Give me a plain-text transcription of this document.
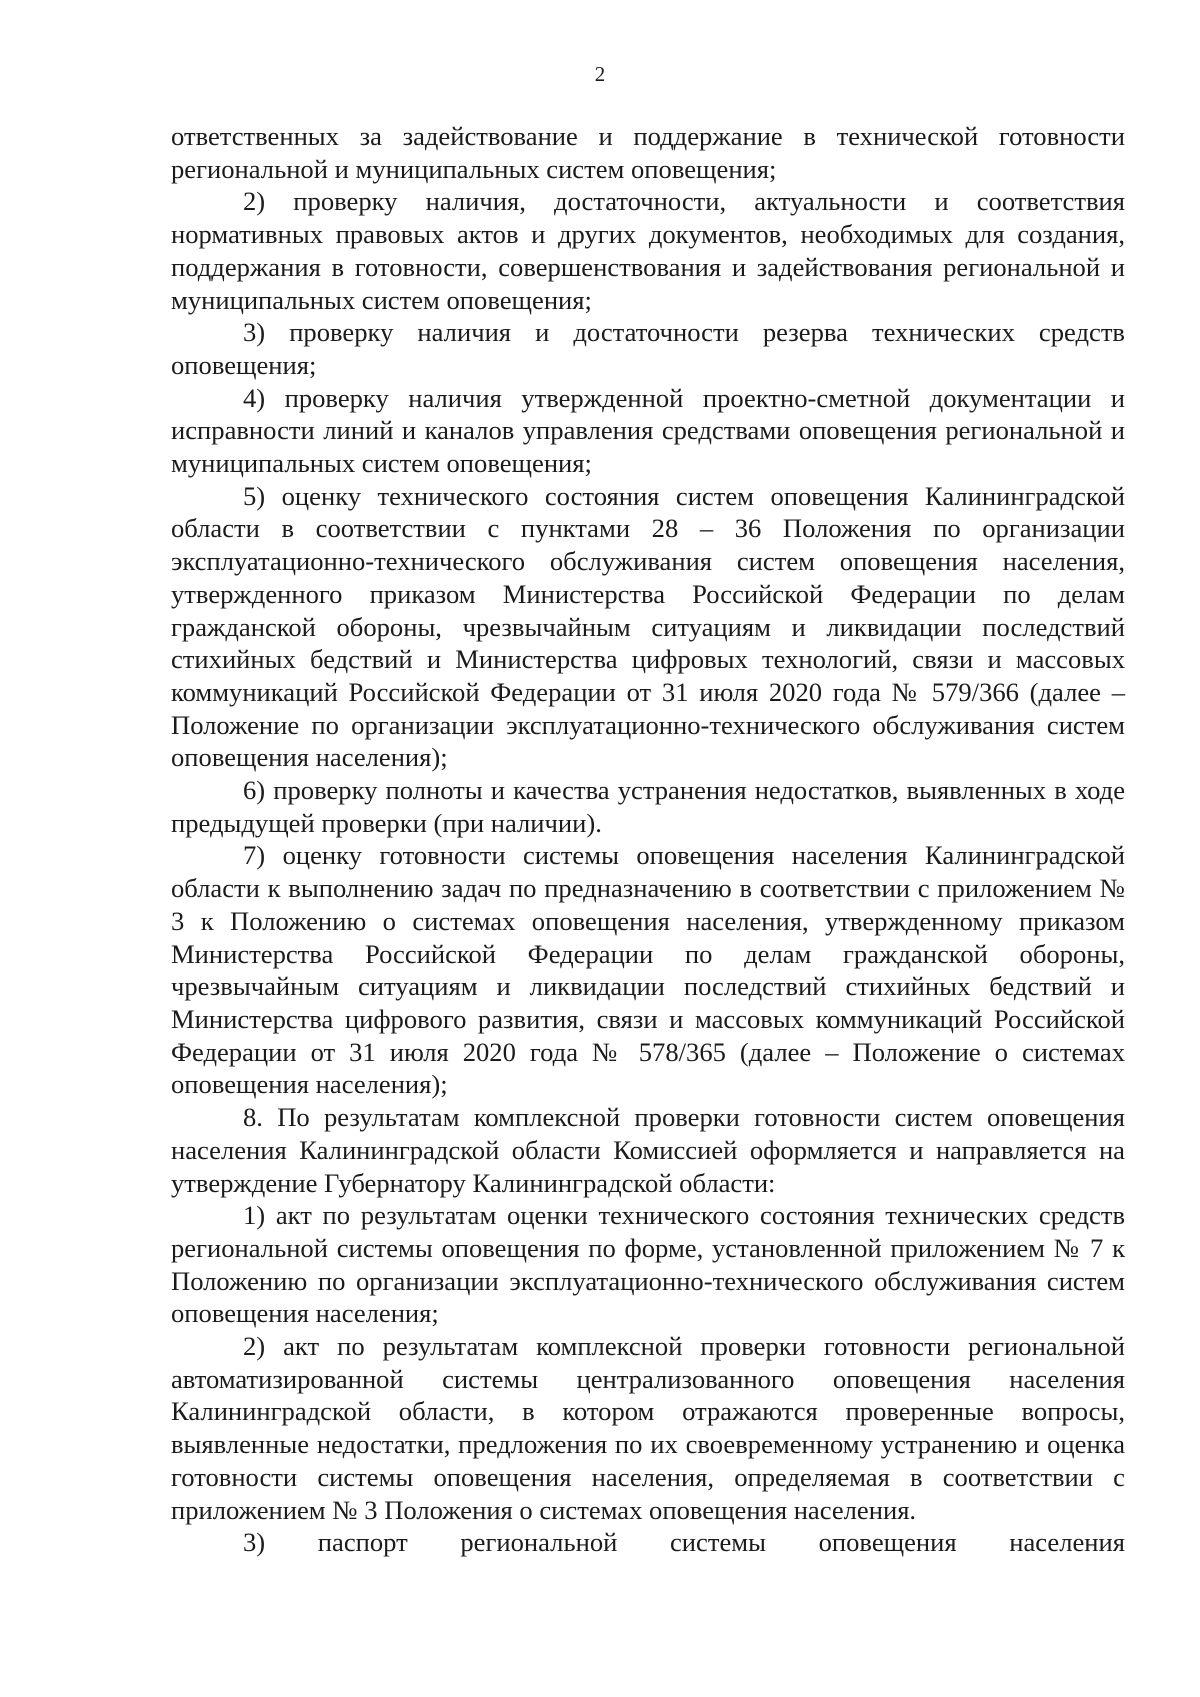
2

ответственных за задействование и поддержание в технической готовности региональной и муниципальных систем оповещения;

2) проверку наличия, достаточности, актуальности и соответствия нормативных правовых актов и других документов, необходимых для создания, поддержания в готовности, совершенствования и задействования региональной и муниципальных систем оповещения;

3) проверку наличия и достаточности резерва технических средств оповещения;

4) проверку наличия утвержденной проектно-сметной документации и исправности линий и каналов управления средствами оповещения региональной и муниципальных систем оповещения;

5) оценку технического состояния систем оповещения Калининградской области в соответствии с пунктами 28 – 36 Положения по организации эксплуатационно-технического обслуживания систем оповещения населения, утвержденного приказом Министерства Российской Федерации по делам гражданской обороны, чрезвычайным ситуациям и ликвидации последствий стихийных бедствий и Министерства цифровых технологий, связи и массовых коммуникаций Российской Федерации от 31 июля 2020 года № 579/366 (далее – Положение по организации эксплуатационно-технического обслуживания систем оповещения населения);

6) проверку полноты и качества устранения недостатков, выявленных в ходе предыдущей проверки (при наличии).

7) оценку готовности системы оповещения населения Калининградской области к выполнению задач по предназначению в соответствии с приложением № 3 к Положению о системах оповещения населения, утвержденному приказом Министерства Российской Федерации по делам гражданской обороны, чрезвычайным ситуациям и ликвидации последствий стихийных бедствий и Министерства цифрового развития, связи и массовых коммуникаций Российской Федерации от 31 июля 2020 года № 578/365 (далее – Положение о системах оповещения населения);

8. По результатам комплексной проверки готовности систем оповещения населения Калининградской области Комиссией оформляется и направляется на утверждение Губернатору Калининградской области:

1) акт по результатам оценки технического состояния технических средств региональной системы оповещения по форме, установленной приложением № 7 к Положению по организации эксплуатационно-технического обслуживания систем оповещения населения;

2) акт по результатам комплексной проверки готовности региональной автоматизированной системы централизованного оповещения населения Калининградской области, в котором отражаются проверенные вопросы, выявленные недостатки, предложения по их своевременному устранению и оценка готовности системы оповещения населения, определяемая в соответствии с приложением № 3 Положения о системах оповещения населения.

3) паспорт региональной системы оповещения населения
